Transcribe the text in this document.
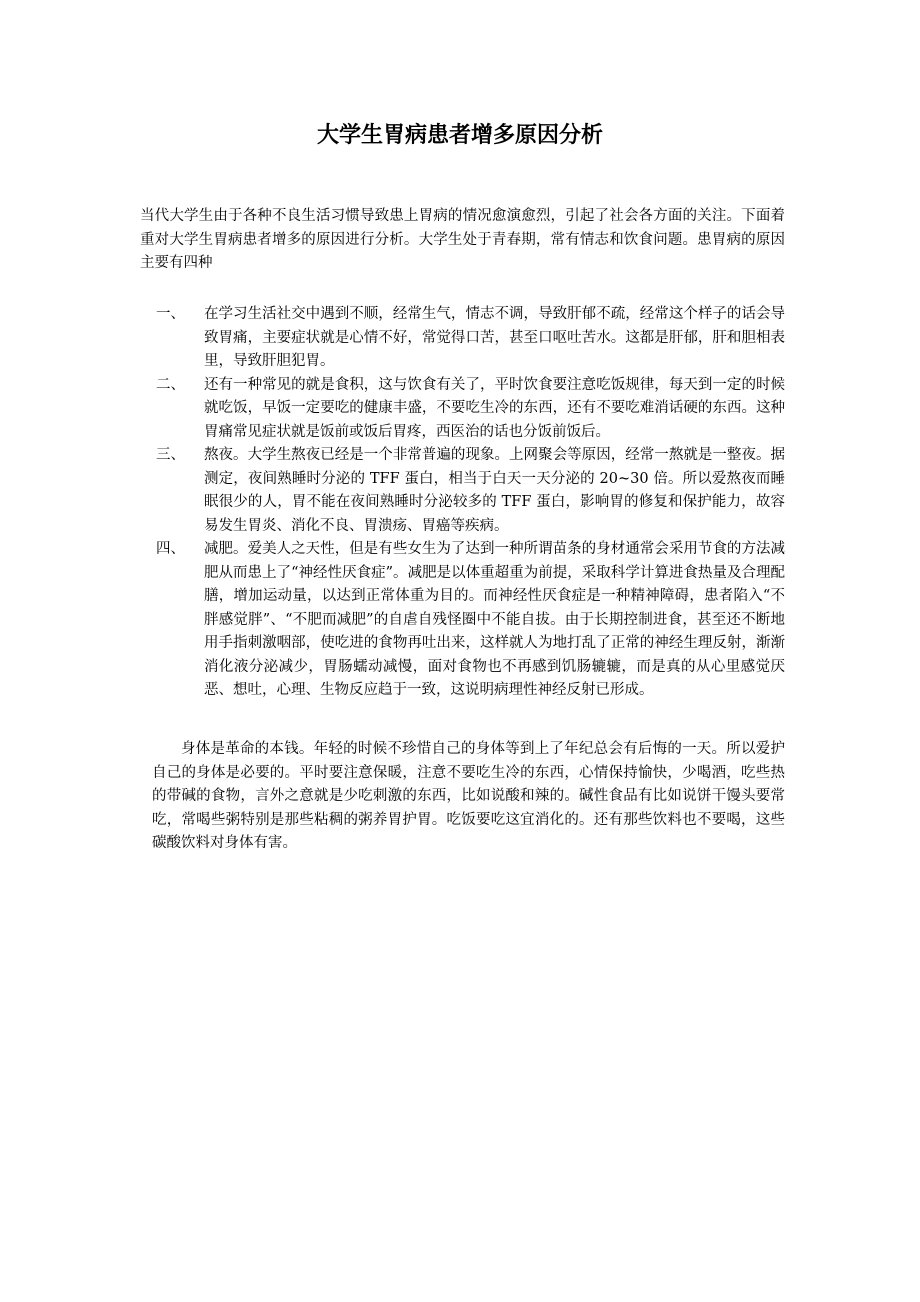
大学生胃病患者增多原因分析

当代大学生由于各种不良生活习惯导致患上胃病的情况愈演愈烈，引起了社会各方面的关注。下面着重对大学生胃病患者增多的原因进行分析。大学生处于青春期，常有情志和饮食问题。患胃病的原因主要有四种

一、 在学习生活社交中遇到不顺，经常生气，情志不调，导致肝郁不疏，经常这个样子的话会导致胃痛，主要症状就是心情不好，常觉得口苦，甚至口呕吐苦水。这都是肝郁，肝和胆相表里，导致肝胆犯胃。
二、 还有一种常见的就是食积，这与饮食有关了，平时饮食要注意吃饭规律，每天到一定的时候就吃饭，早饭一定要吃的健康丰盛，不要吃生冷的东西，还有不要吃难消话硬的东西。这种胃痛常见症状就是饭前或饭后胃疼，西医治的话也分饭前饭后。
三、 熬夜。大学生熬夜已经是一个非常普遍的现象。上网聚会等原因，经常一熬就是一整夜。据测定，夜间熟睡时分泌的 TFF 蛋白，相当于白天一天分泌的 20~30 倍。所以爱熬夜而睡眠很少的人，胃不能在夜间熟睡时分泌较多的 TFF 蛋白，影响胃的修复和保护能力，故容易发生胃炎、消化不良、胃溃疡、胃癌等疾病。
四、 减肥。爱美人之天性，但是有些女生为了达到一种所谓苗条的身材通常会采用节食的方法减肥从而患上了“神经性厌食症”。减肥是以体重超重为前提，采取科学计算进食热量及合理配膳，增加运动量，以达到正常体重为目的。而神经性厌食症是一种精神障碍，患者陷入“不胖感觉胖”、“不肥而减肥”的自虐自残怪圈中不能自拔。由于长期控制进食，甚至还不断地用手指刺激咽部，使吃进的食物再吐出来，这样就人为地打乱了正常的神经生理反射，渐渐消化液分泌减少，胃肠蠕动减慢，面对食物也不再感到饥肠辘辘，而是真的从心里感觉厌恶、想吐，心理、生物反应趋于一致，这说明病理性神经反射已形成。

身体是革命的本钱。年轻的时候不珍惜自己的身体等到上了年纪总会有后悔的一天。所以爱护自己的身体是必要的。平时要注意保暖，注意不要吃生冷的东西，心情保持愉快，少喝酒，吃些热的带碱的食物，言外之意就是少吃刺激的东西，比如说酸和辣的。碱性食品有比如说饼干馒头要常吃，常喝些粥特别是那些粘稠的粥养胃护胃。吃饭要吃这宜消化的。还有那些饮料也不要喝，这些碳酸饮料对身体有害。
